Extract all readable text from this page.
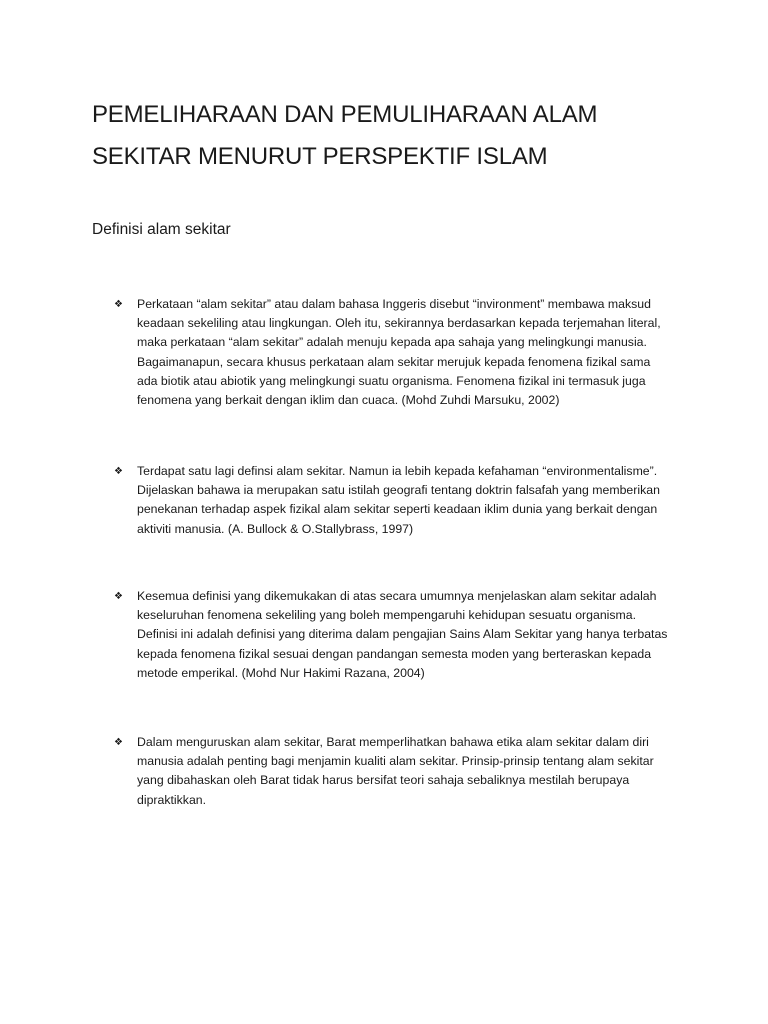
PEMELIHARAAN DAN PEMULIHARAAN ALAM
SEKITAR MENURUT PERSPEKTIF ISLAM
Definisi alam sekitar
❖ Perkataan “alam sekitar” atau dalam bahasa Inggeris disebut “invironment” membawa maksud
keadaan sekeliling atau lingkungan. Oleh itu, sekirannya berdasarkan kepada terjemahan literal,
maka perkataan “alam sekitar” adalah menuju kepada apa sahaja yang melingkungi manusia.
Bagaimanapun, secara khusus perkataan alam sekitar merujuk kepada fenomena fizikal sama
ada biotik atau abiotik yang melingkungi suatu organisma. Fenomena fizikal ini termasuk juga
fenomena yang berkait dengan iklim dan cuaca. (Mohd Zuhdi Marsuku, 2002)
❖ Terdapat satu lagi definsi alam sekitar. Namun ia lebih kepada kefahaman “environmentalisme”.
Dijelaskan bahawa ia merupakan satu istilah geografi tentang doktrin falsafah yang memberikan
penekanan terhadap aspek fizikal alam sekitar seperti keadaan iklim dunia yang berkait dengan
aktiviti manusia. (A. Bullock & O.Stallybrass, 1997)
❖ Kesemua definisi yang dikemukakan di atas secara umumnya menjelaskan alam sekitar adalah
keseluruhan fenomena sekeliling yang boleh mempengaruhi kehidupan sesuatu organisma.
Definisi ini adalah definisi yang diterima dalam pengajian Sains Alam Sekitar yang hanya terbatas
kepada fenomena fizikal sesuai dengan pandangan semesta moden yang berteraskan kepada
metode emperikal. (Mohd Nur Hakimi Razana, 2004)
❖ Dalam menguruskan alam sekitar, Barat memperlihatkan bahawa etika alam sekitar dalam diri
manusia adalah penting bagi menjamin kualiti alam sekitar. Prinsip-prinsip tentang alam sekitar
yang dibahaskan oleh Barat tidak harus bersifat teori sahaja sebaliknya mestilah berupaya
dipraktikkan.
